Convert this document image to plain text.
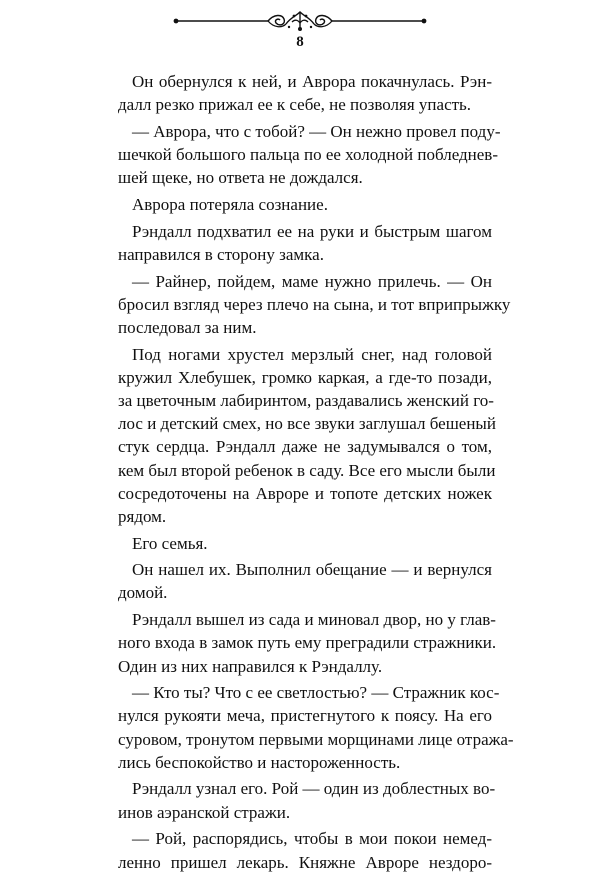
8
Он обернулся к ней, и Аврора покачнулась. Рэн-
далл резко прижал ее к себе, не позволяя упасть.
— Аврора, что с тобой? — Он нежно провел поду-
шечкой большого пальца по ее холодной побледнев-
шей щеке, но ответа не дождался.
Аврора потеряла сознание.
Рэндалл подхватил ее на руки и быстрым шагом
направился в сторону замка.
— Райнер, пойдем, маме нужно прилечь. — Он
бросил взгляд через плечо на сына, и тот вприпрыжку
последовал за ним.
Под ногами хрустел мерзлый снег, над головой
кружил Хлебушек, громко каркая, а где-то позади,
за цветочным лабиринтом, раздавались женский го-
лос и детский смех, но все звуки заглушал бешеный
стук сердца. Рэндалл даже не задумывался о том,
кем был второй ребенок в саду. Все его мысли были
сосредоточены на Авроре и топоте детских ножек
рядом.
Его семья.
Он нашел их. Выполнил обещание — и вернулся
домой.
Рэндалл вышел из сада и миновал двор, но у глав-
ного входа в замок путь ему преградили стражники.
Один из них направился к Рэндаллу.
— Кто ты? Что с ее светлостью? — Стражник кос-
нулся рукояти меча, пристегнутого к поясу. На его
суровом, тронутом первыми морщинами лице отража-
лись беспокойство и настороженность.
Рэндалл узнал его. Рой — один из доблестных во-
инов аэранской стражи.
— Рой, распорядись, чтобы в мои покои немед-
ленно пришел лекарь. Княжне Авроре нездоро-
